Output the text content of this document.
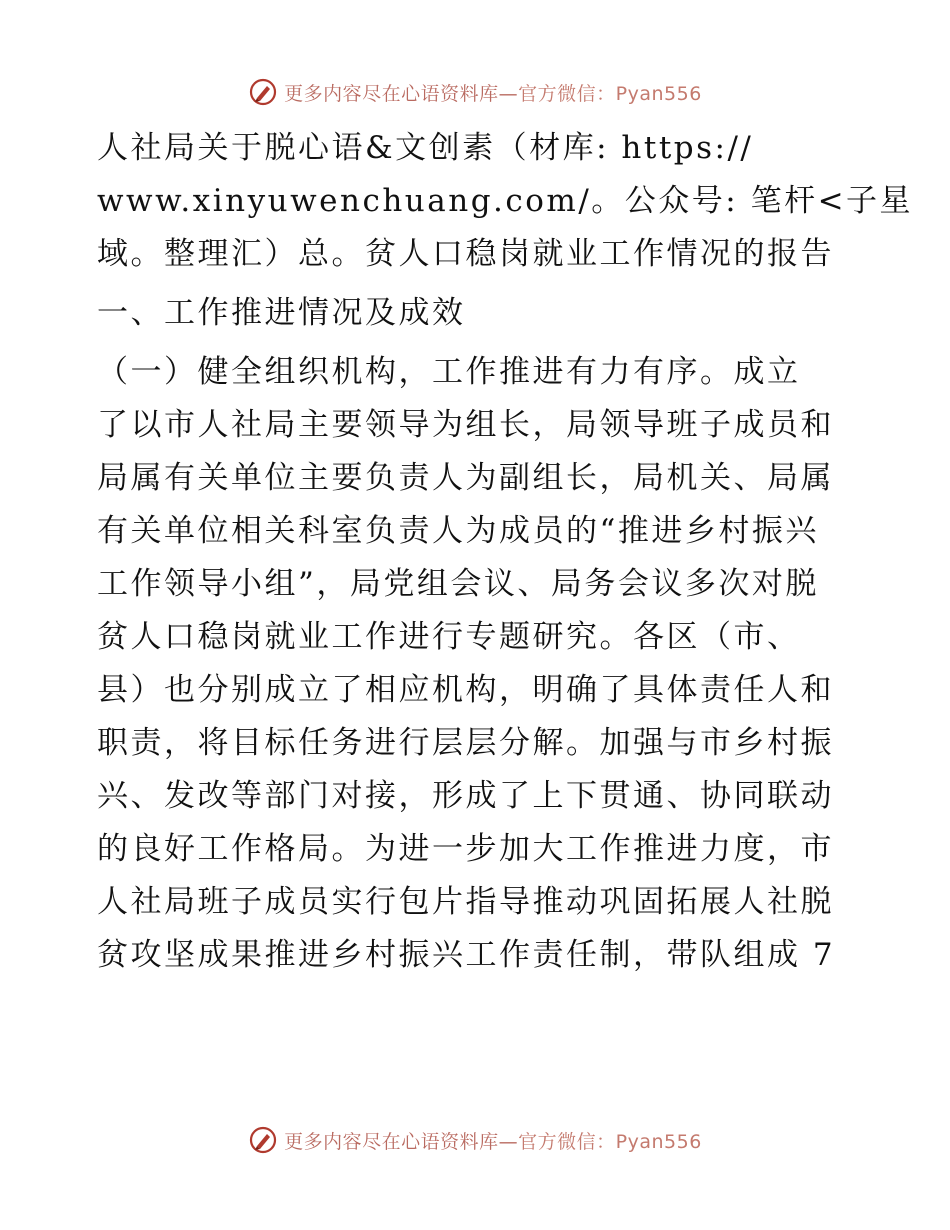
更多内容尽在心语资料库—官方微信：Pyan556
人社局关于脱心语&文创素（材库: https://
www.xinyuwenchuang.com/。公众号: 笔杆<子星
域。整理汇）总。贫人口稳岗就业工作情况的报告
一、工作推进情况及成效
（一）健全组织机构，工作推进有力有序。成立
了以市人社局主要领导为组长，局领导班子成员和
局属有关单位主要负责人为副组长，局机关、局属
有关单位相关科室负责人为成员的“推进乡村振兴
工作领导小组”，局党组会议、局务会议多次对脱
贫人口稳岗就业工作进行专题研究。各区（市、
县）也分别成立了相应机构，明确了具体责任人和
职责，将目标任务进行层层分解。加强与市乡村振
兴、发改等部门对接，形成了上下贯通、协同联动
的良好工作格局。为进一步加大工作推进力度，市
人社局班子成员实行包片指导推动巩固拓展人社脱
贫攻坚成果推进乡村振兴工作责任制，带队组成 7
更多内容尽在心语资料库—官方微信：Pyan556
